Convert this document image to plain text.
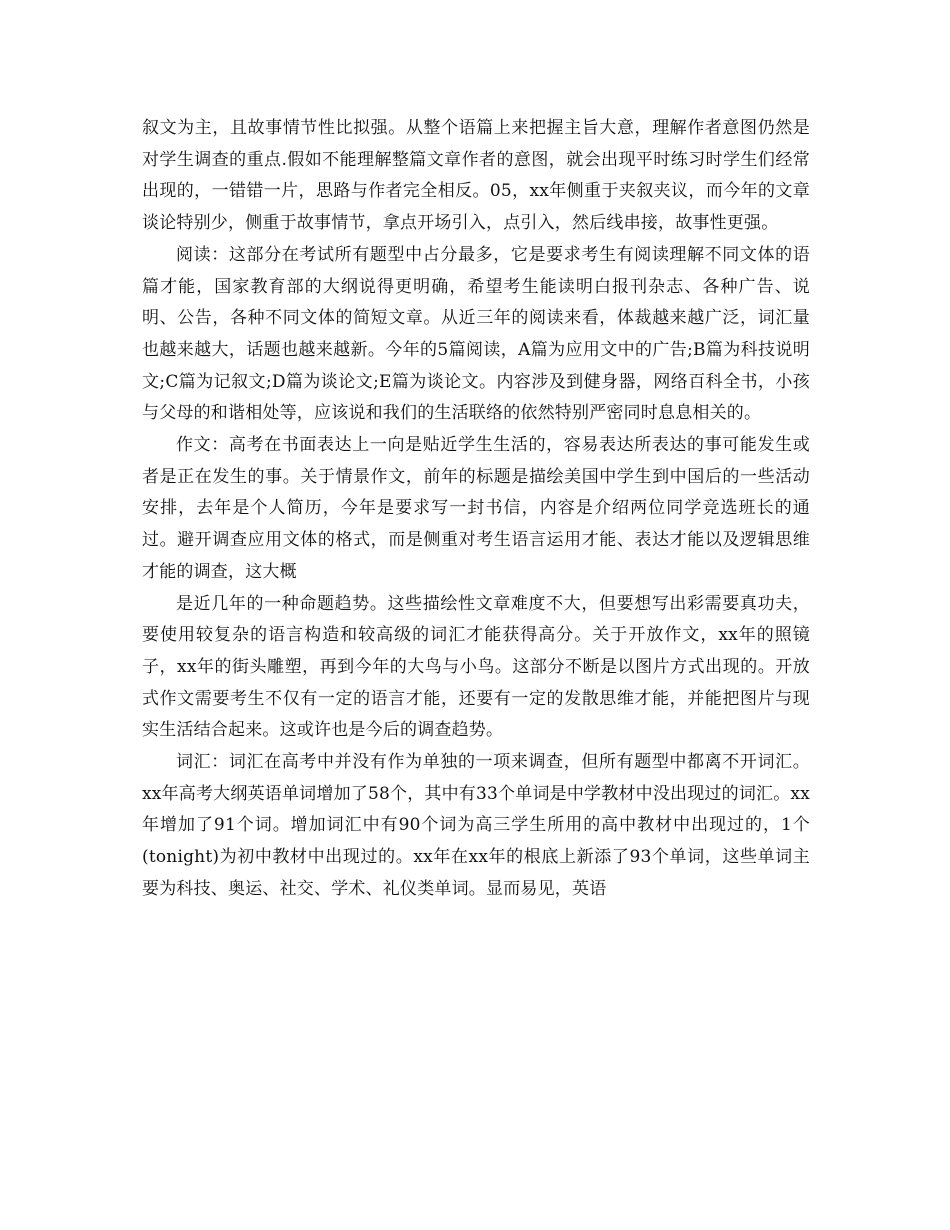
叙文为主，且故事情节性比拟强。从整个语篇上来把握主旨大意，理解作者意图仍然是对学生调查的重点.假如不能理解整篇文章作者的意图，就会出现平时练习时学生们经常出现的，一错错一片，思路与作者完全相反。05，xx年侧重于夹叙夹议，而今年的文章谈论特别少，侧重于故事情节，拿点开场引入，点引入，然后线串接，故事性更强。

阅读：这部分在考试所有题型中占分最多，它是要求考生有阅读理解不同文体的语篇才能，国家教育部的大纲说得更明确，希望考生能读明白报刊杂志、各种广告、说明、公告，各种不同文体的简短文章。从近三年的阅读来看，体裁越来越广泛，词汇量也越来越大，话题也越来越新。今年的5篇阅读，A篇为应用文中的广告;B篇为科技说明文;C篇为记叙文;D篇为谈论文;E篇为谈论文。内容涉及到健身器，网络百科全书，小孩与父母的和谐相处等，应该说和我们的生活联络的依然特别严密同时息息相关的。

作文：高考在书面表达上一向是贴近学生生活的，容易表达所表达的事可能发生或者是正在发生的事。关于情景作文，前年的标题是描绘美国中学生到中国后的一些活动安排，去年是个人简历，今年是要求写一封书信，内容是介绍两位同学竞选班长的通过。避开调查应用文体的格式，而是侧重对考生语言运用才能、表达才能以及逻辑思维才能的调查，这大概

是近几年的一种命题趋势。这些描绘性文章难度不大，但要想写出彩需要真功夫，要使用较复杂的语言构造和较高级的词汇才能获得高分。关于开放作文，xx年的照镜子，xx年的街头雕塑，再到今年的大鸟与小鸟。这部分不断是以图片方式出现的。开放式作文需要考生不仅有一定的语言才能，还要有一定的发散思维才能，并能把图片与现实生活结合起来。这或许也是今后的调查趋势。

词汇：词汇在高考中并没有作为单独的一项来调查，但所有题型中都离不开词汇。xx年高考大纲英语单词增加了58个，其中有33个单词是中学教材中没出现过的词汇。xx年增加了91个词。增加词汇中有90个词为高三学生所用的高中教材中出现过的，1个(tonight)为初中教材中出现过的。xx年在xx年的根底上新添了93个单词，这些单词主要为科技、奥运、社交、学术、礼仪类单词。显而易见，英语
